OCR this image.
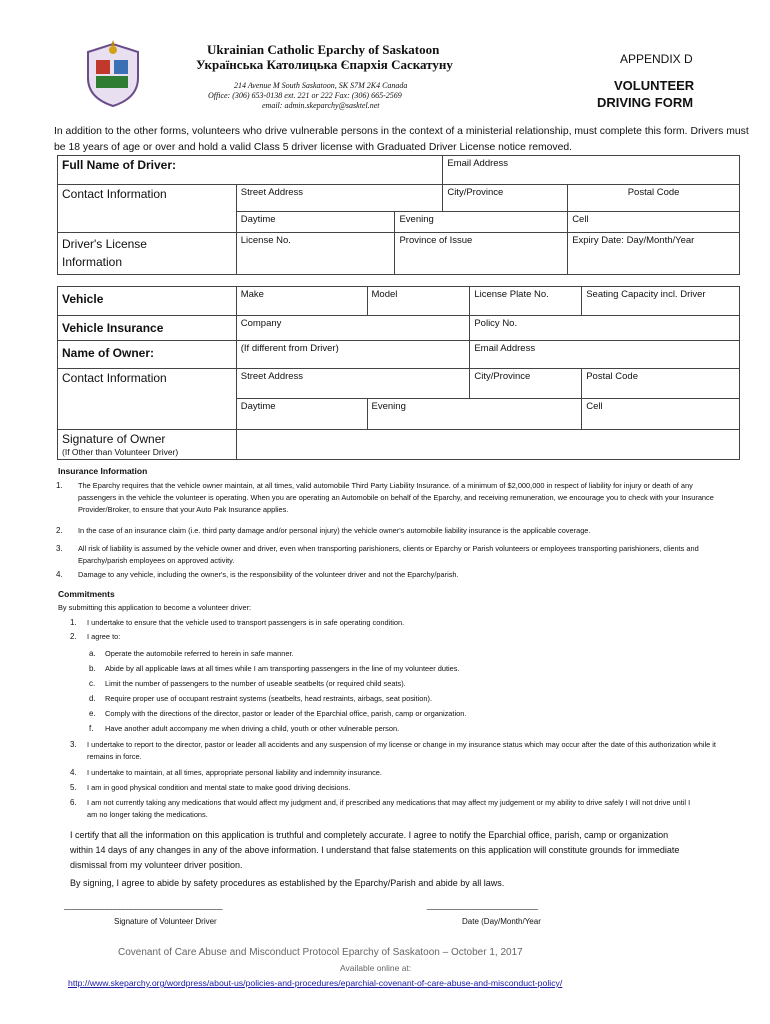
Ukrainian Catholic Eparchy of Saskatoon
Українська Католицька Єпархія Саскатуну
214 Avenue M South Saskatoon, SK S7M 2K4 Canada
Office: (306) 653-0138 ext. 221 or 222 Fax: (306) 665-2569
email: admin.skeparchy@sasktel.net
APPENDIX D
VOLUNTEER
DRIVING FORM
In addition to the other forms, volunteers who drive vulnerable persons in the context of a ministerial relationship, must complete this form. Drivers must be 18 years of age or over and hold a valid Class 5 driver license with Graduated Driver License notice removed.
Full Name of Driver:			Email Address	
Contact Information	Street Address		City/Province	Postal Code
	Daytime	Evening		Cell

Driver's License
Information	License No.	Province of Issue		Expiry Date: Day/Month/Year
Vehicle	Make	Model	License Plate No.	Seating Capacity incl. Driver
Vehicle Insurance	Company		Policy No.	
Name of Owner:	(If different from Driver)		Email Address	
Contact Information	Street Address		City/Province	Postal Code
	Daytime	Evening		Cell

Signature of Owner
(If Other than Volunteer Driver)				

Insurance Information
1. The Eparchy requires that the vehicle owner maintain, at all times, valid automobile Third Party Liability Insurance. of a minimum of $2,000,000 in respect of liability for injury or death of any passengers in the vehicle the volunteer is operating. When you are operating an Automobile on behalf of the Eparchy, and receiving remuneration, we encourage you to check with your Insurance Provider/Broker, to ensure that your Auto Pak Insurance applies.
2. In the case of an insurance claim (i.e. third party damage and/or personal injury) the vehicle owner's automobile liability insurance is the applicable coverage.
3. All risk of liability is assumed by the vehicle owner and driver, even when transporting parishioners, clients or Eparchy or Parish volunteers or employees transporting parishioners, clients and Eparchy/parish employees on approved activity.
4. Damage to any vehicle, including the owner's, is the responsibility of the volunteer driver and not the Eparchy/parish.
Commitments
By submitting this application to become a volunteer driver:
1. I undertake to ensure that the vehicle used to transport passengers is in safe operating condition.
2. I agree to:
a. Operate the automobile referred to herein in safe manner.
b. Abide by all applicable laws at all times while I am transporting passengers in the line of my volunteer duties.
c. Limit the number of passengers to the number of useable seatbelts (or required child seats).
d. Require proper use of occupant restraint systems (seatbelts, head restraints, airbags, seat position).
e. Comply with the directions of the director, pastor or leader of the Eparchial office, parish, camp or organization.
f. Have another adult accompany me when driving a child, youth or other vulnerable person.
3. I undertake to report to the director, pastor or leader all accidents and any suspension of my license or change in my insurance status which may occur after the date of this authorization while it remains in force.
4. I undertake to maintain, at all times, appropriate personal liability and indemnity insurance.
5. I am in good physical condition and mental state to make good driving decisions.
6. I am not currently taking any medications that would affect my judgment and, if prescribed any medications that may affect my judgement or my ability to drive safely I will not drive until I am no longer taking the medications.
I certify that all the information on this application is truthful and completely accurate. I agree to notify the Eparchial office, parish, camp or organization within 14 days of any changes in any of the above information. I understand that false statements on this application will constitute grounds for immediate dismissal from my volunteer driver position.
By signing, I agree to abide by safety procedures as established by the Eparchy/Parish and abide by all laws.
________________________________________	____________________________
Signature of Volunteer Driver	Date (Day/Month/Year
Covenant of Care Abuse and Misconduct Protocol Eparchy of Saskatoon – October 1, 2017
Available online at:
http://www.skeparchy.org/wordpress/about-us/policies-and-procedures/eparchial-covenant-of-care-abuse-and-misconduct-policy/
